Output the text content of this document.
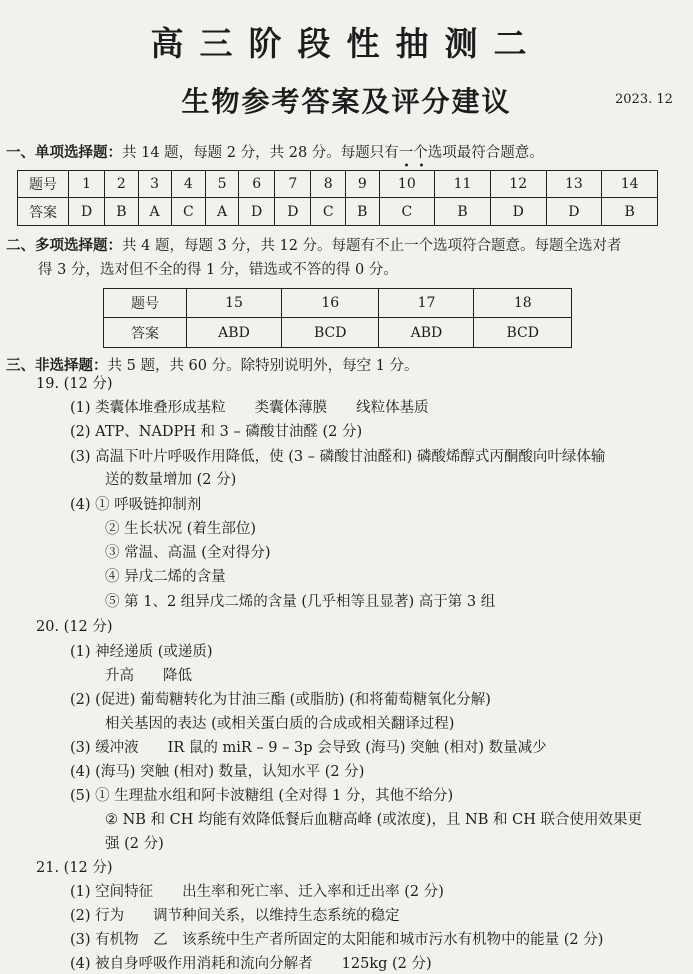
高三阶段性抽测二
生物参考答案及评分建议	2023. 12
一、单项选择题：共 14 题，每题 2 分，共 28 分。每题只有一个选项最符合题意。
题号	1	2	3	4	5	6	7	8	9	10	11	12	13	14
答案	D	B	A	C	A	D	D	C	B	C	B	D	D	B
二、多项选择题：共 4 题，每题 3 分，共 12 分。每题有不止一个选项符合题意。每题全选对者
得 3 分，选对但不全的得 1 分，错选或不答的得 0 分。
题号	15	16	17	18
答案	ABD	BCD	ABD	BCD
三、非选择题：共 5 题，共 60 分。除特别说明外，每空 1 分。
19. (12 分)
(1) 类囊体堆叠形成基粒　　类囊体薄膜　　线粒体基质
(2) ATP、NADPH 和 3 – 磷酸甘油醛 (2 分)
(3) 高温下叶片呼吸作用降低，使 (3 – 磷酸甘油醛和) 磷酸烯醇式丙酮酸向叶绿体输
送的数量增加 (2 分)
(4) ① 呼吸链抑制剂
② 生长状况 (着生部位)
③ 常温、高温 (全对得分)
④ 异戊二烯的含量
⑤ 第 1、2 组异戊二烯的含量 (几乎相等且显著) 高于第 3 组
20. (12 分)
(1) 神经递质 (或递质)
升高　　降低
(2) (促进) 葡萄糖转化为甘油三酯 (或脂肪) (和将葡萄糖氧化分解)
相关基因的表达 (或相关蛋白质的合成或相关翻译过程)
(3) 缓冲液　　IR 鼠的 miR – 9 – 3p 会导致 (海马) 突触 (相对) 数量减少
(4) (海马) 突触 (相对) 数量，认知水平 (2 分)
(5) ① 生理盐水组和阿卡波糖组 (全对得 1 分，其他不给分)
② NB 和 CH 均能有效降低餐后血糖高峰 (或浓度)，且 NB 和 CH 联合使用效果更
强 (2 分)
21. (12 分)
(1) 空间特征　　出生率和死亡率、迁入率和迁出率 (2 分)
(2) 行为　　调节种间关系，以维持生态系统的稳定
(3) 有机物　乙　该系统中生产者所固定的太阳能和城市污水有机物中的能量 (2 分)
(4) 被自身呼吸作用消耗和流向分解者　　125kg (2 分)
